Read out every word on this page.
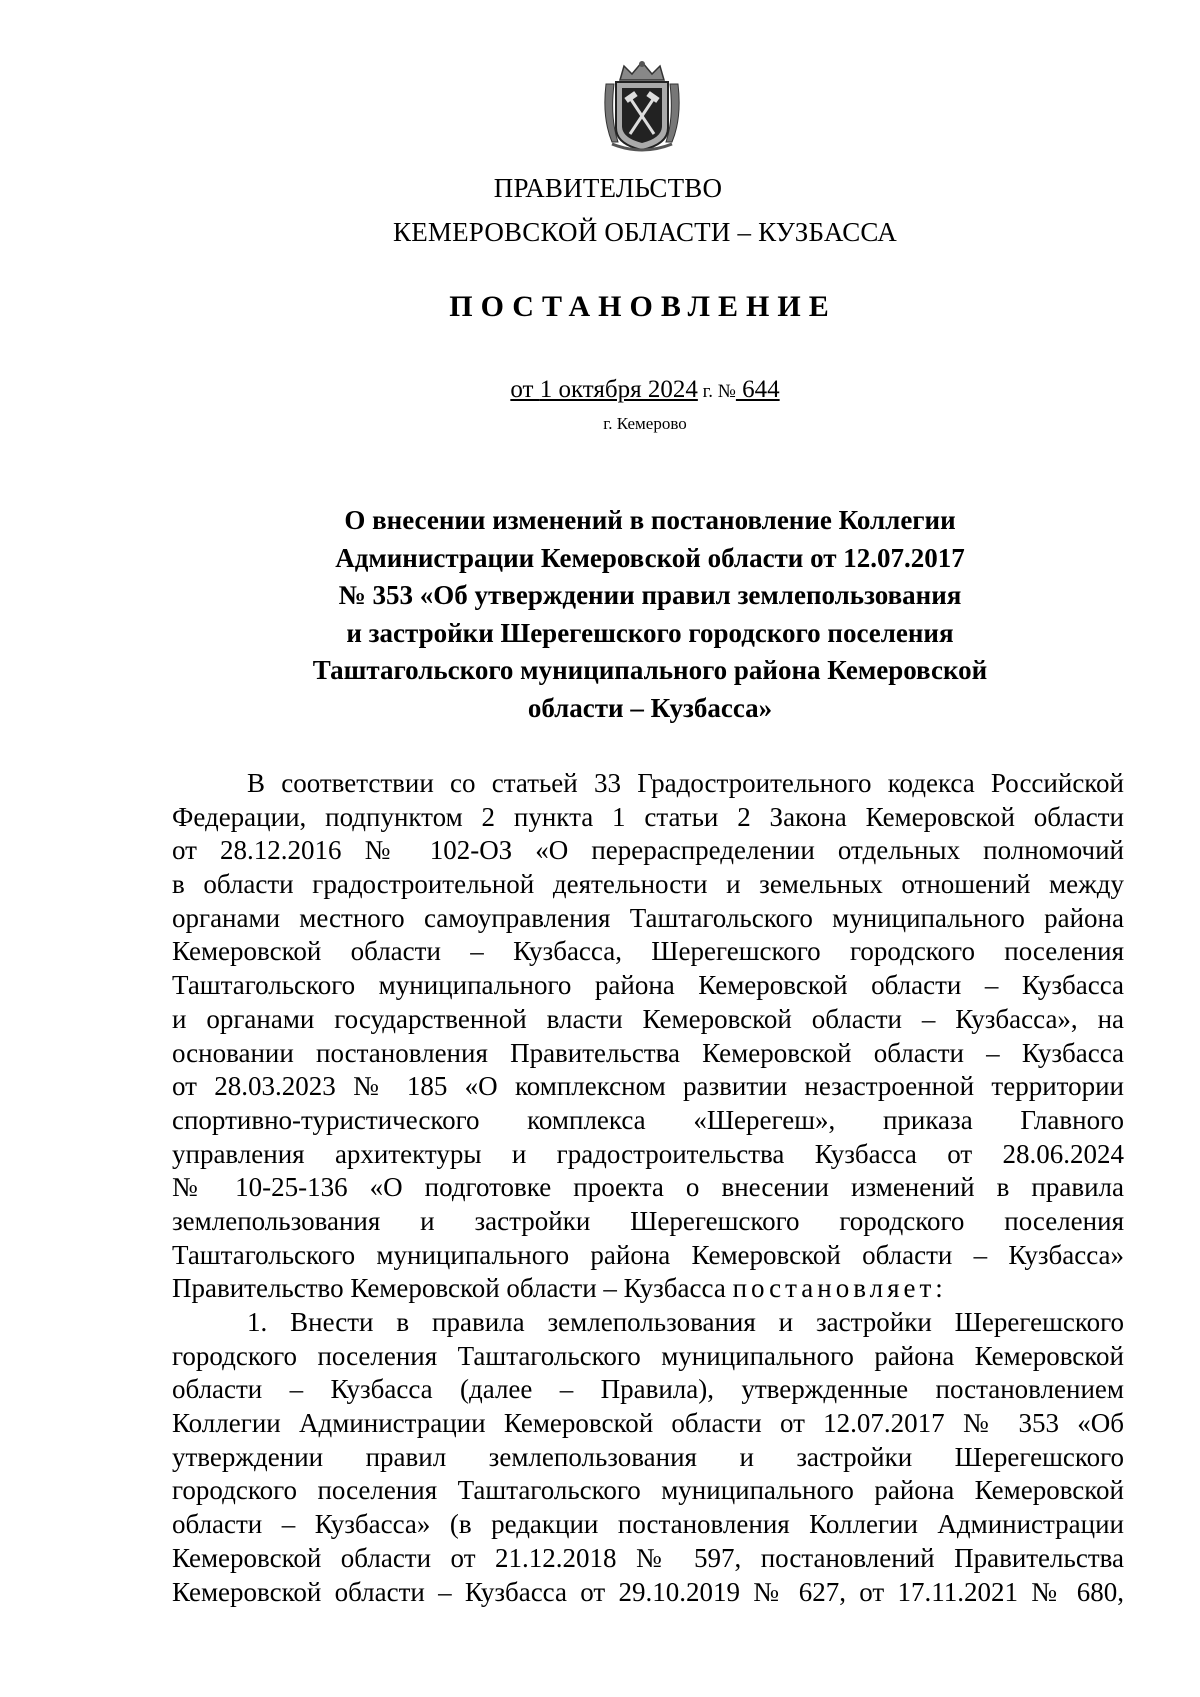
ПРАВИТЕЛЬСТВО
КЕМЕРОВСКОЙ ОБЛАСТИ – КУЗБАССА
ПОСТАНОВЛЕНИЕ
от 1 октября 2024 г. № 644
г. Кемерово
О внесении изменений в постановление Коллегии
Администрации Кемеровской области от 12.07.2017
№ 353 «Об утверждении правил землепользования
и застройки Шерегешского городского поселения
Таштагольского муниципального района Кемеровской
области – Кузбасса»
В соответствии со статьей 33 Градостроительного кодекса Российской
Федерации, подпунктом 2 пункта 1 статьи 2 Закона Кемеровской области
от 28.12.2016 № 102-ОЗ «О перераспределении отдельных полномочий
в области градостроительной деятельности и земельных отношений между
органами местного самоуправления Таштагольского муниципального района
Кемеровской области – Кузбасса, Шерегешского городского поселения
Таштагольского муниципального района Кемеровской области – Кузбасса
и органами государственной власти Кемеровской области – Кузбасса», на
основании постановления Правительства Кемеровской области – Кузбасса
от 28.03.2023 № 185 «О комплексном развитии незастроенной территории
спортивно-туристического комплекса «Шерегеш», приказа Главного
управления архитектуры и градостроительства Кузбасса от 28.06.2024
№ 10-25-136 «О подготовке проекта о внесении изменений в правила
землепользования и застройки Шерегешского городского поселения
Таштагольского муниципального района Кемеровской области – Кузбасса»
Правительство Кемеровской области – Кузбасса постановляет:
1. Внести в правила землепользования и застройки Шерегешского
городского поселения Таштагольского муниципального района Кемеровской
области – Кузбасса (далее – Правила), утвержденные постановлением
Коллегии Администрации Кемеровской области от 12.07.2017 № 353 «Об
утверждении правил землепользования и застройки Шерегешского
городского поселения Таштагольского муниципального района Кемеровской
области – Кузбасса» (в редакции постановления Коллегии Администрации
Кемеровской области от 21.12.2018 № 597, постановлений Правительства
Кемеровской области – Кузбасса от 29.10.2019 № 627, от 17.11.2021 № 680,
